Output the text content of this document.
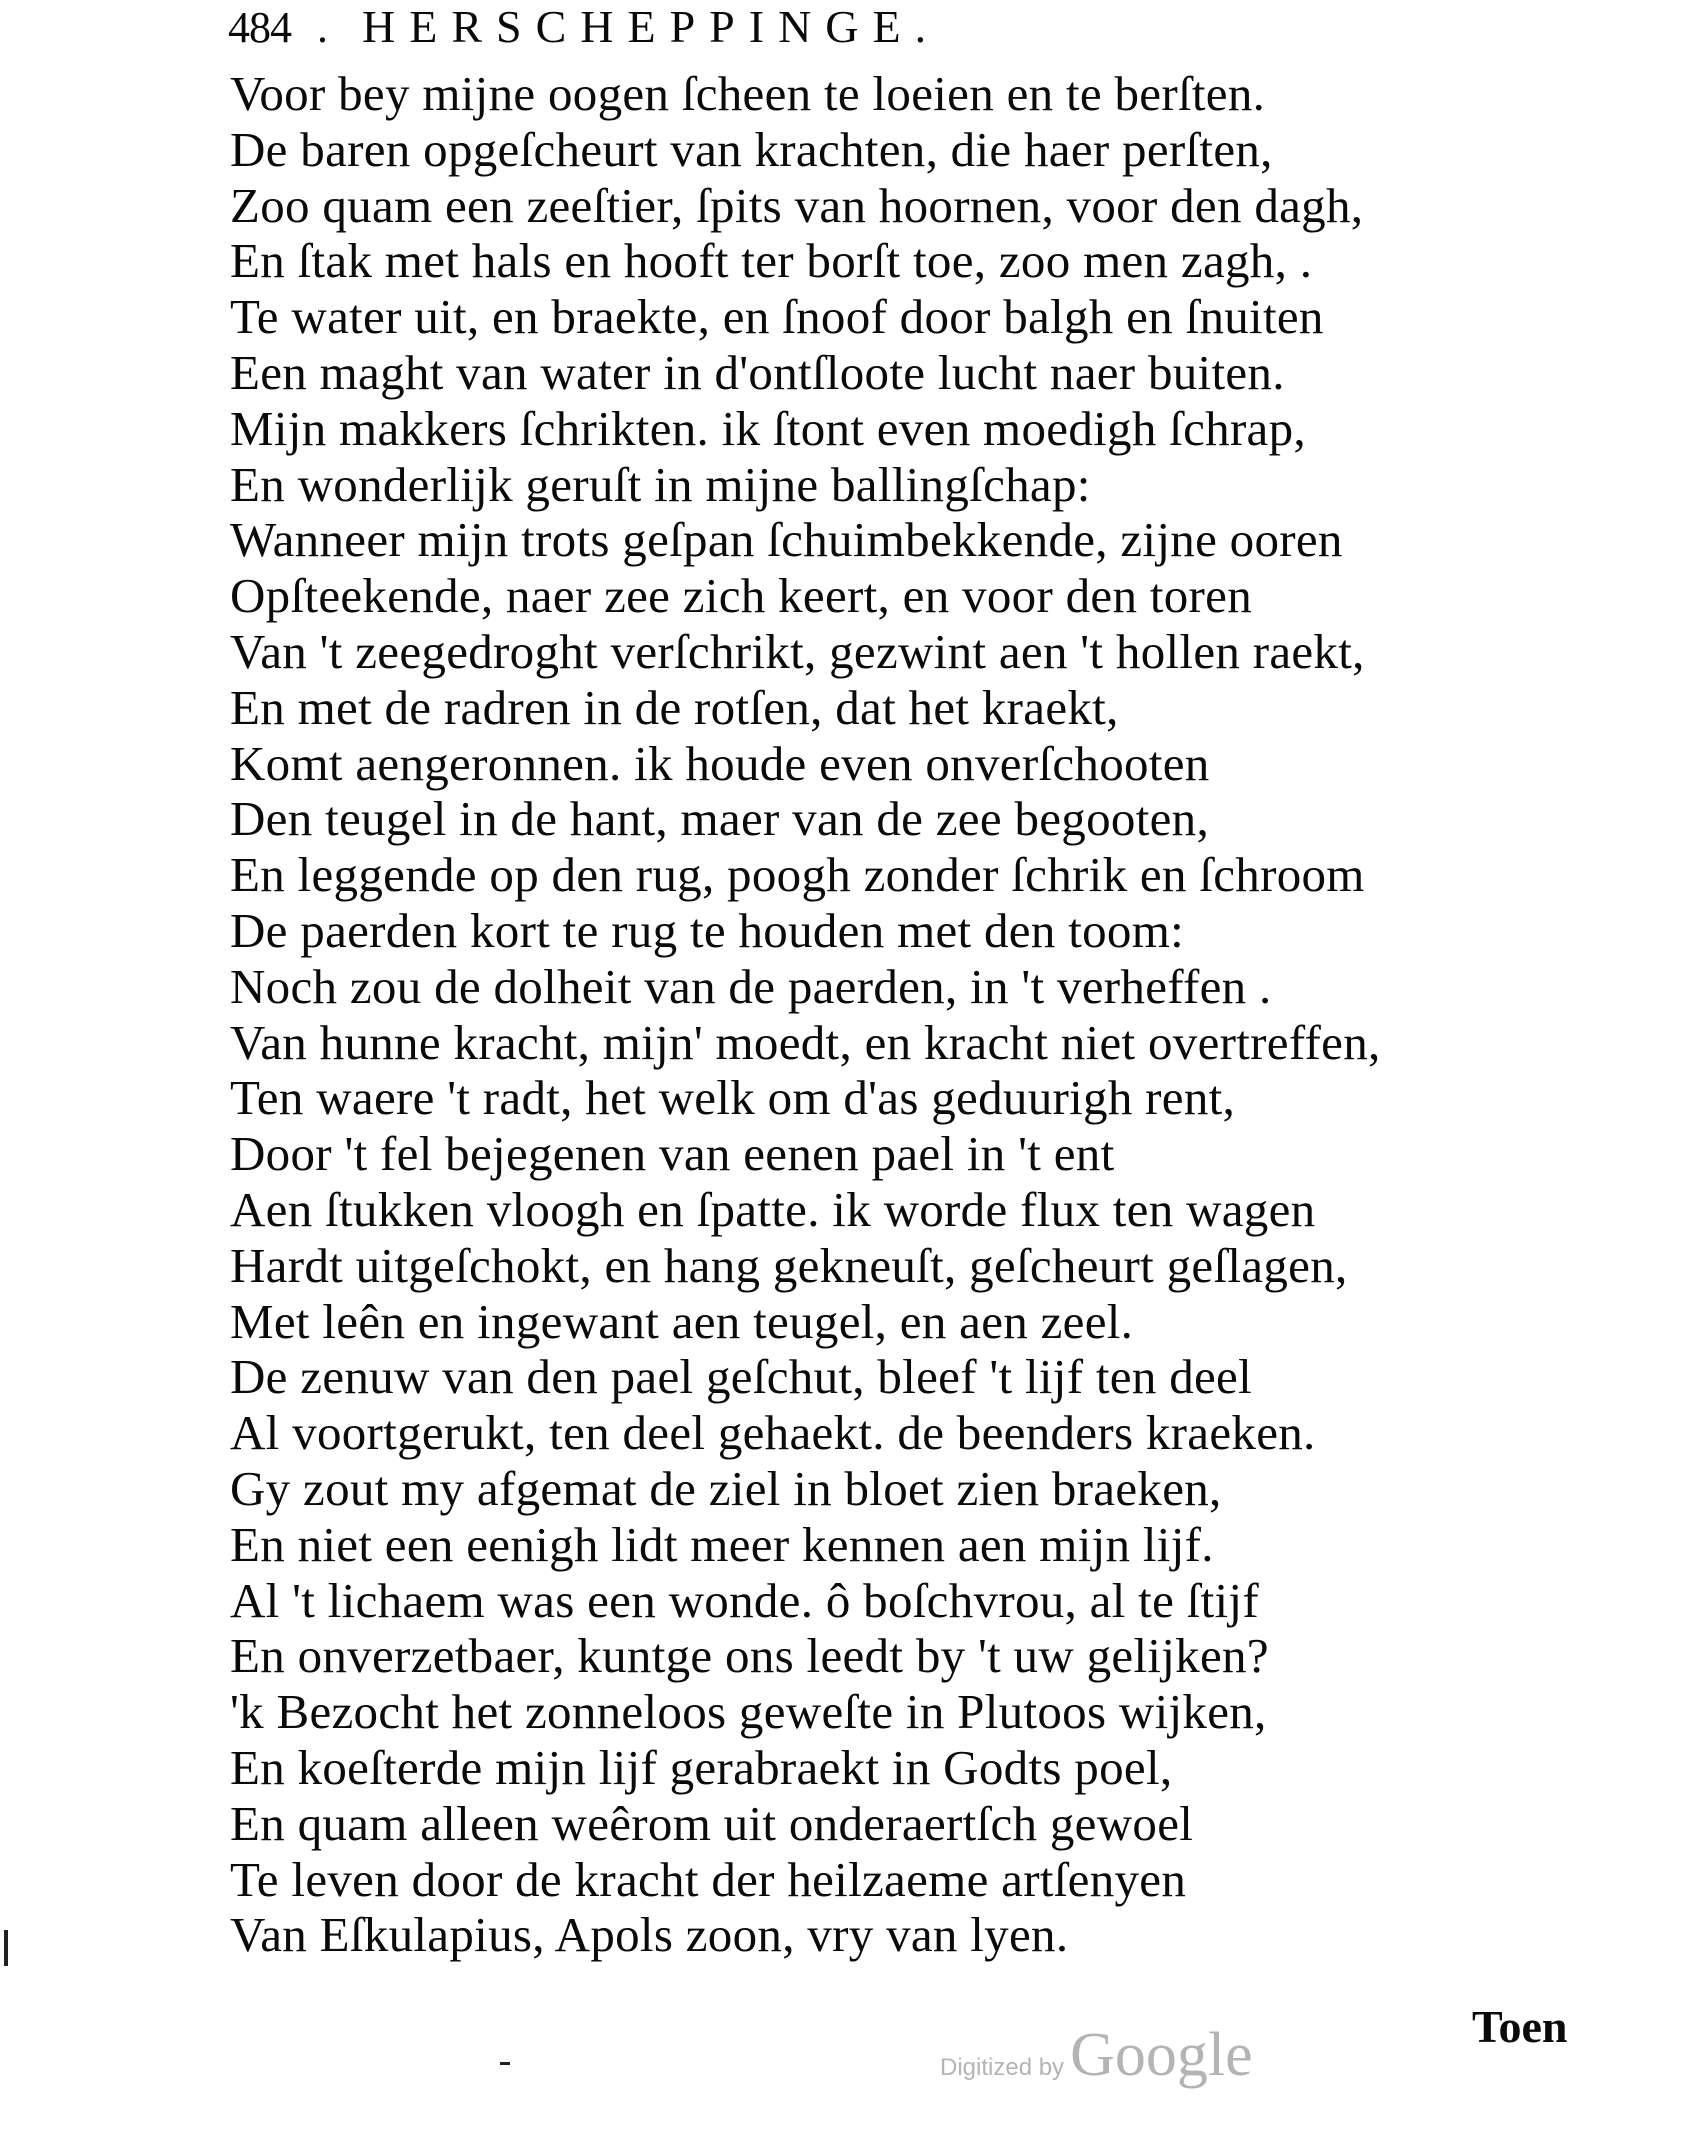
484 . HERSCHEPPINGE.
Voor bey mijne oogen ſcheen te loeien en te berſten.
De baren opgeſcheurt van krachten, die haer perſten,
Zoo quam een zeeſtier, ſpits van hoornen, voor den dagh,
En ſtak met hals en hooft ter borſt toe, zoo men zagh, .
Te water uit, en braekte, en ſnoof door balgh en ſnuiten
Een maght van water in d'ontſloote lucht naer buiten.
Mijn makkers ſchrikten. ik ſtont even moedigh ſchrap,
En wonderlijk geruſt in mijne ballingſchap:
Wanneer mijn trots geſpan ſchuimbekkende, zijne ooren
Opſteekende, naer zee zich keert, en voor den toren
Van 't zeegedroght verſchrikt, gezwint aen 't hollen raekt,
En met de radren in de rotſen, dat het kraekt,
Komt aengeronnen. ik houde even onverſchooten
Den teugel in de hant, maer van de zee begooten,
En leggende op den rug, poogh zonder ſchrik en ſchroom
De paerden kort te rug te houden met den toom:
Noch zou de dolheit van de paerden, in 't verheffen .
Van hunne kracht, mijn' moedt, en kracht niet overtreffen,
Ten waere 't radt, het welk om d'as geduurigh rent,
Door 't fel bejegenen van eenen pael in 't ent
Aen ſtukken vloogh en ſpatte. ik worde flux ten wagen
Hardt uitgeſchokt, en hang gekneuſt, geſcheurt geſlagen,
Met leên en ingewant aen teugel, en aen zeel.
De zenuw van den pael geſchut, bleef 't lijf ten deel
Al voortgerukt, ten deel gehaekt. de beenders kraeken.
Gy zout my afgemat de ziel in bloet zien braeken,
En niet een eenigh lidt meer kennen aen mijn lijf.
Al 't lichaem was een wonde. ô boſchvrou, al te ſtijf
En onverzetbaer, kuntge ons leedt by 't uw gelijken?
'k Bezocht het zonneloos geweſte in Plutoos wijken,
En koeſterde mijn lijf gerabraekt in Godts poel,
En quam alleen weêrom uit onderaertſch gewoel
Te leven door de kracht der heilzaeme artſenyen
Van Eſkulapius, Apols zoon, vry van lyen.
Digitized by Google	Toen
